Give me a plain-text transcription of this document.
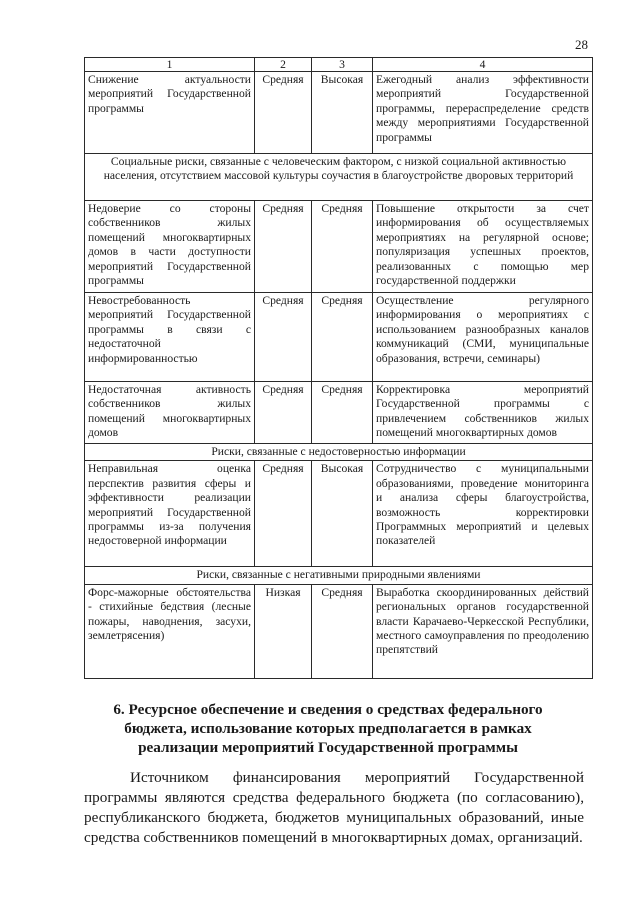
28
1	2	3	4
Снижение актуальности мероприятий Государственной программы	Средняя	Высокая	Ежегодный анализ эффективности мероприятий Государственной программы, перераспределение средств между мероприятиями Государственной программы
Социальные риски, связанные с человеческим фактором, с низкой социальной активностью населения, отсутствием массовой культуры соучастия в благоустройстве дворовых территорий			
Недоверие со стороны собственников жилых помещений многоквартирных домов в части доступности мероприятий Государственной программы	Средняя	Средняя	Повышение открытости за счет информирования об осуществляемых мероприятиях на регулярной основе; популяризация успешных проектов, реализованных с помощью мер государственной поддержки
Невостребованность мероприятий Государственной программы в связи с недостаточной информированностью	Средняя	Средняя	Осуществление регулярного информирования о мероприятиях с использованием разнообразных каналов коммуникаций (СМИ, муниципальные образования, встречи, семинары)
Недостаточная активность собственников жилых помещений многоквартирных домов	Средняя	Средняя	Корректировка мероприятий Государственной программы с привлечением собственников жилых помещений многоквартирных домов
Риски, связанные с недостоверностью информации			
Неправильная оценка перспектив развития сферы и эффективности реализации мероприятий Государственной программы из-за получения недостоверной информации	Средняя	Высокая	Сотрудничество с муниципальными образованиями, проведение мониторинга и анализа сферы благоустройства, возможность корректировки Программных мероприятий и целевых показателей
Риски, связанные с негативными природными явлениями			
Форс-мажорные обстоятельства - стихийные бедствия (лесные пожары, наводнения, засухи, землетрясения)	Низкая	Средняя	Выработка скоординированных действий региональных органов государственной власти Карачаево-Черкесской Республики, местного самоуправления по преодолению препятствий
6. Ресурсное обеспечение и сведения о средствах федерального бюджета, использование которых предполагается в рамках реализации мероприятий Государственной программы
Источником финансирования мероприятий Государственной программы являются средства федерального бюджета (по согласованию), республиканского бюджета, бюджетов муниципальных образований, иные средства собственников помещений в многоквартирных домах, организаций.
